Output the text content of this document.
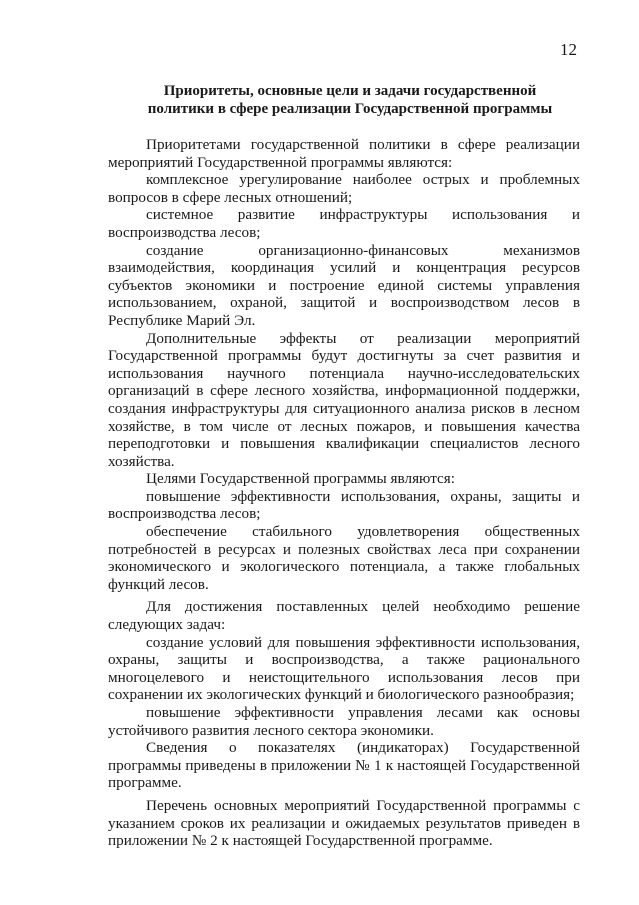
12
Приоритеты, основные цели и задачи государственной
политики в сфере реализации Государственной программы

Приоритетами государственной политики в сфере реализации мероприятий Государственной программы являются:

комплексное урегулирование наиболее острых и проблемных вопросов в сфере лесных отношений;

системное развитие инфраструктуры использования и воспроизводства лесов;

создание организационно-финансовых механизмов взаимодействия, координация усилий и концентрация ресурсов субъектов экономики и построение единой системы управления использованием, охраной, защитой и воспроизводством лесов в Республике Марий Эл.

Дополнительные эффекты от реализации мероприятий Государственной программы будут достигнуты за счет развития и использования научного потенциала научно-исследовательских организаций в сфере лесного хозяйства, информационной поддержки, создания инфраструктуры для ситуационного анализа рисков в лесном хозяйстве, в том числе от лесных пожаров, и повышения качества переподготовки и повышения квалификации специалистов лесного хозяйства.

Целями Государственной программы являются:

повышение эффективности использования, охраны, защиты и воспроизводства лесов;

обеспечение стабильного удовлетворения общественных потребностей в ресурсах и полезных свойствах леса при сохранении экономического и экологического потенциала, а также глобальных функций лесов.

Для достижения поставленных целей необходимо решение следующих задач:

создание условий для повышения эффективности использования, охраны, защиты и воспроизводства, а также рационального многоцелевого и неистощительного использования лесов при сохранении их экологических функций и биологического разнообразия;

повышение эффективности управления лесами как основы устойчивого развития лесного сектора экономики.

Сведения о показателях (индикаторах) Государственной программы приведены в приложении № 1 к настоящей Государственной программе.

Перечень основных мероприятий Государственной программы с указанием сроков их реализации и ожидаемых результатов приведен в приложении № 2 к настоящей Государственной программе.
